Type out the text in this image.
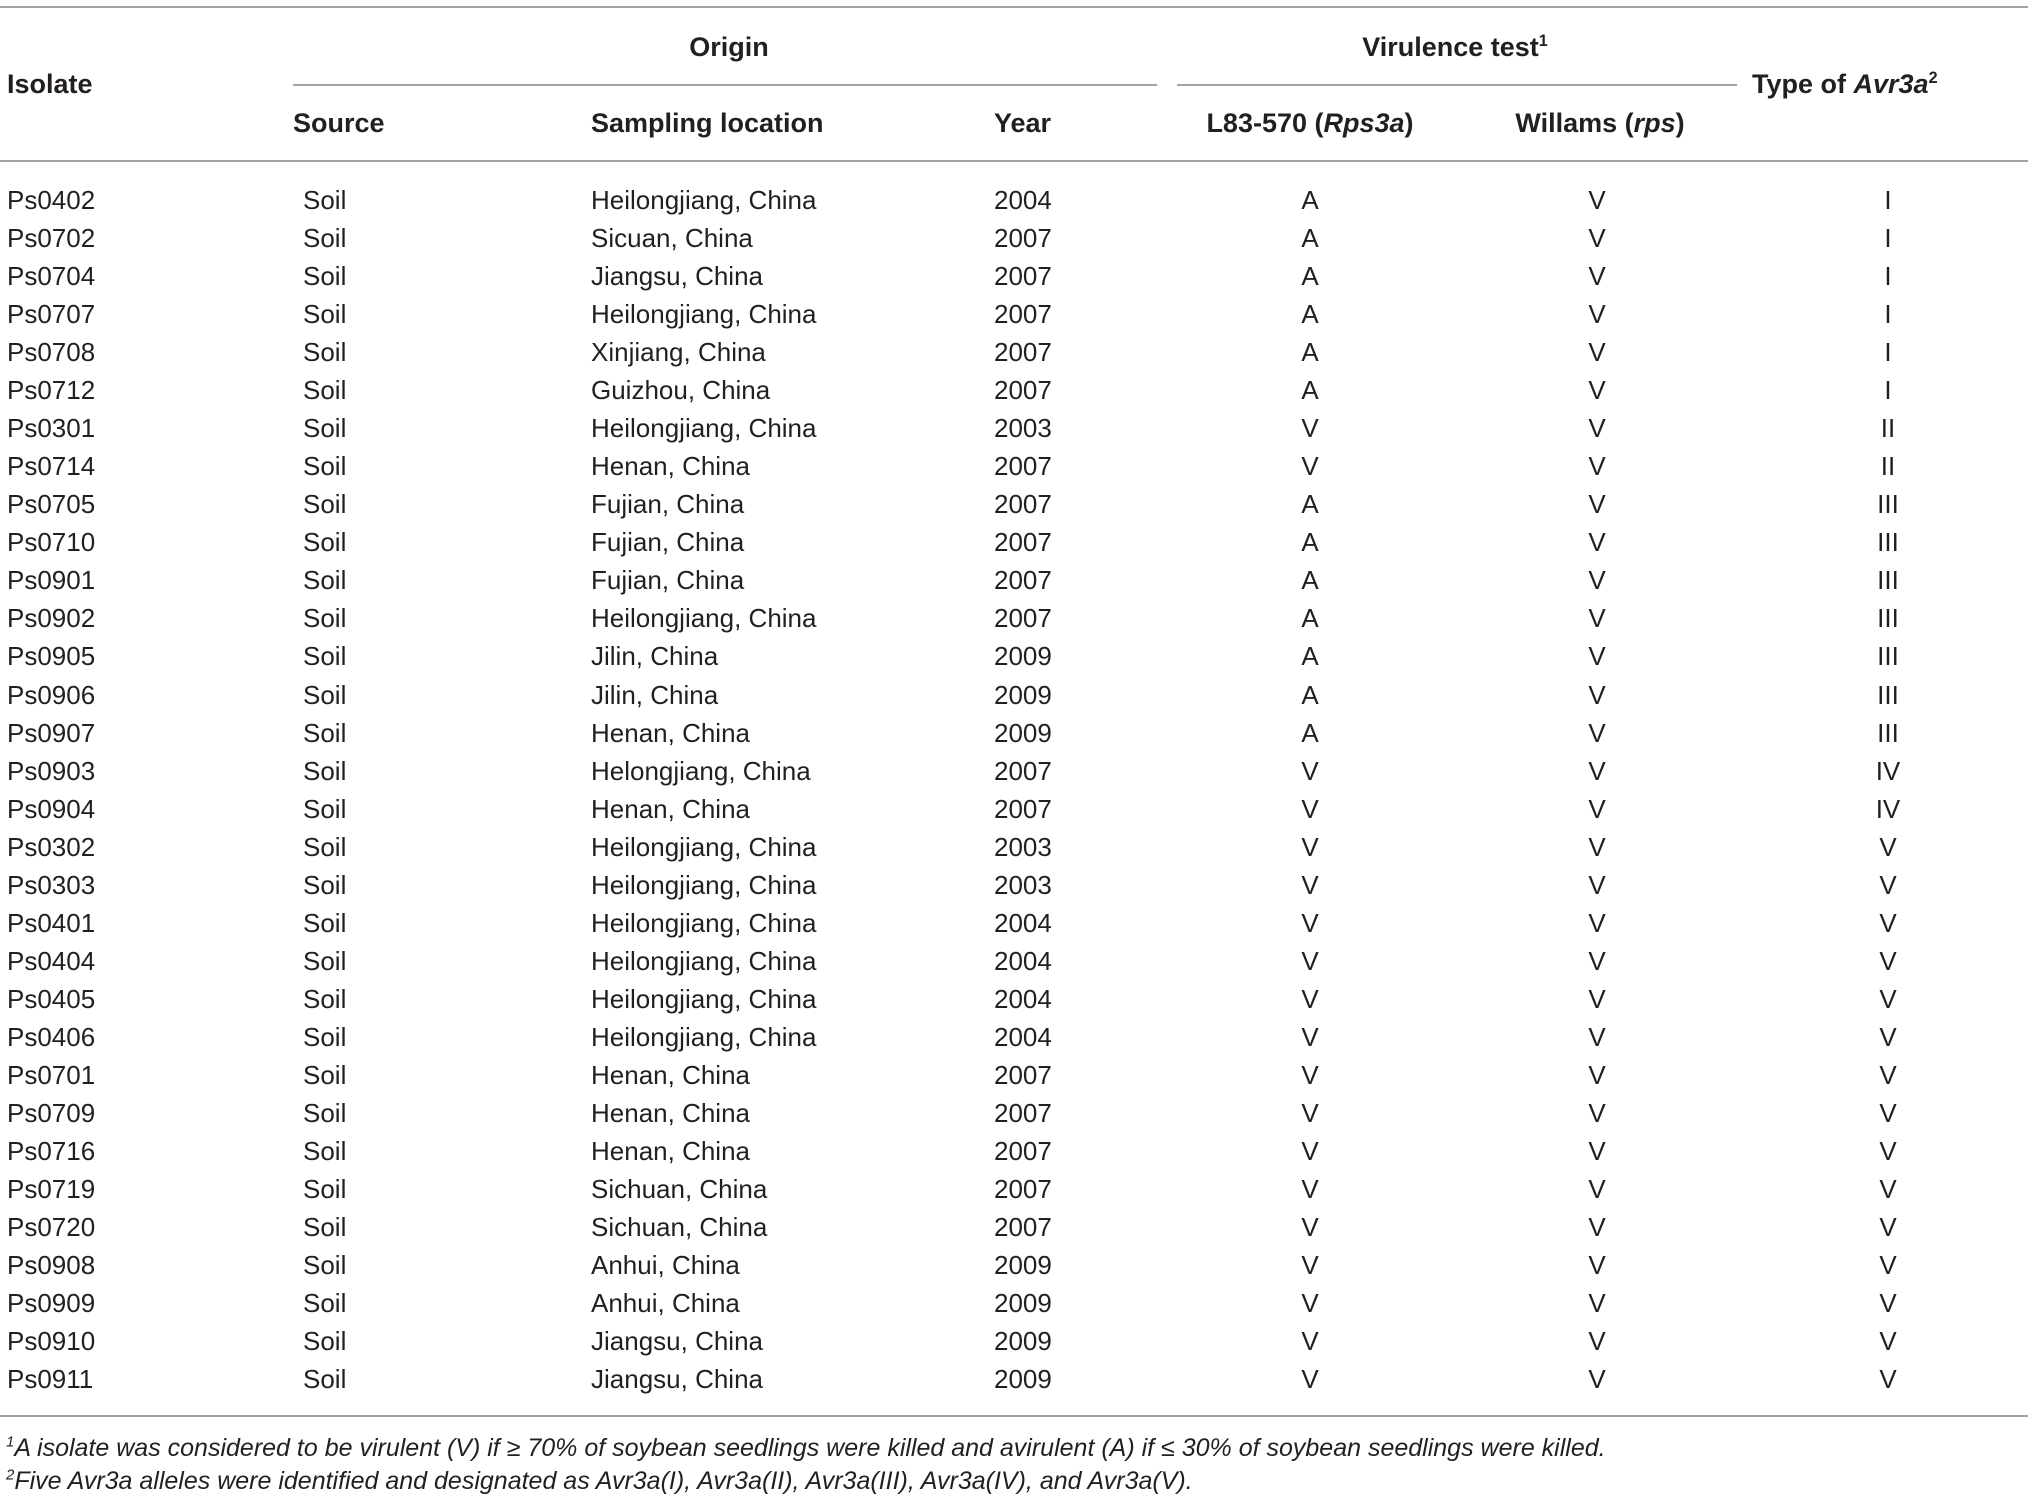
Isolate
Origin	Virulence test$^1$
Type of $Avr3a^2$
Source	Sampling location	Year	L83-570 (Rps3a)	Willams (rps)
Ps0402	Soil	Heilongjiang, China	2004	A	V	I
Ps0702	Soil	Sicuan, China	2007	A	V	I
Ps0704	Soil	Jiangsu, China	2007	A	V	I
Ps0707	Soil	Heilongjiang, China	2007	A	V	I
Ps0708	Soil	Xinjiang, China	2007	A	V	I
Ps0712	Soil	Guizhou, China	2007	A	V	I
Ps0301	Soil	Heilongjiang, China	2003	V	V	II
Ps0714	Soil	Henan, China	2007	V	V	II
Ps0705	Soil	Fujian, China	2007	A	V	III
Ps0710	Soil	Fujian, China	2007	A	V	III
Ps0901	Soil	Fujian, China	2007	A	V	III
Ps0902	Soil	Heilongjiang, China	2007	A	V	III
Ps0905	Soil	Jilin, China	2009	A	V	III
Ps0906	Soil	Jilin, China	2009	A	V	III
Ps0907	Soil	Henan, China	2009	A	V	III
Ps0903	Soil	Helongjiang, China	2007	V	V	IV
Ps0904	Soil	Henan, China	2007	V	V	IV
Ps0302	Soil	Heilongjiang, China	2003	V	V	V
Ps0303	Soil	Heilongjiang, China	2003	V	V	V
Ps0401	Soil	Heilongjiang, China	2004	V	V	V
Ps0404	Soil	Heilongjiang, China	2004	V	V	V
Ps0405	Soil	Heilongjiang, China	2004	V	V	V
Ps0406	Soil	Heilongjiang, China	2004	V	V	V
Ps0701	Soil	Henan, China	2007	V	V	V
Ps0709	Soil	Henan, China	2007	V	V	V
Ps0716	Soil	Henan, China	2007	V	V	V
Ps0719	Soil	Sichuan, China	2007	V	V	V
Ps0720	Soil	Sichuan, China	2007	V	V	V
Ps0908	Soil	Anhui, China	2009	V	V	V
Ps0909	Soil	Anhui, China	2009	V	V	V
Ps0910	Soil	Jiangsu, China	2009	V	V	V
Ps0911	Soil	Jiangsu, China	2009	V	V	V
$^1$A isolate was considered to be virulent (V) if ≥ 70% of soybean seedlings were killed and avirulent (A) if ≤ 30% of soybean seedlings were killed.
$^2$Five Avr3a alleles were identified and designated as Avr3a(I), Avr3a(II), Avr3a(III), Avr3a(IV), and Avr3a(V).
